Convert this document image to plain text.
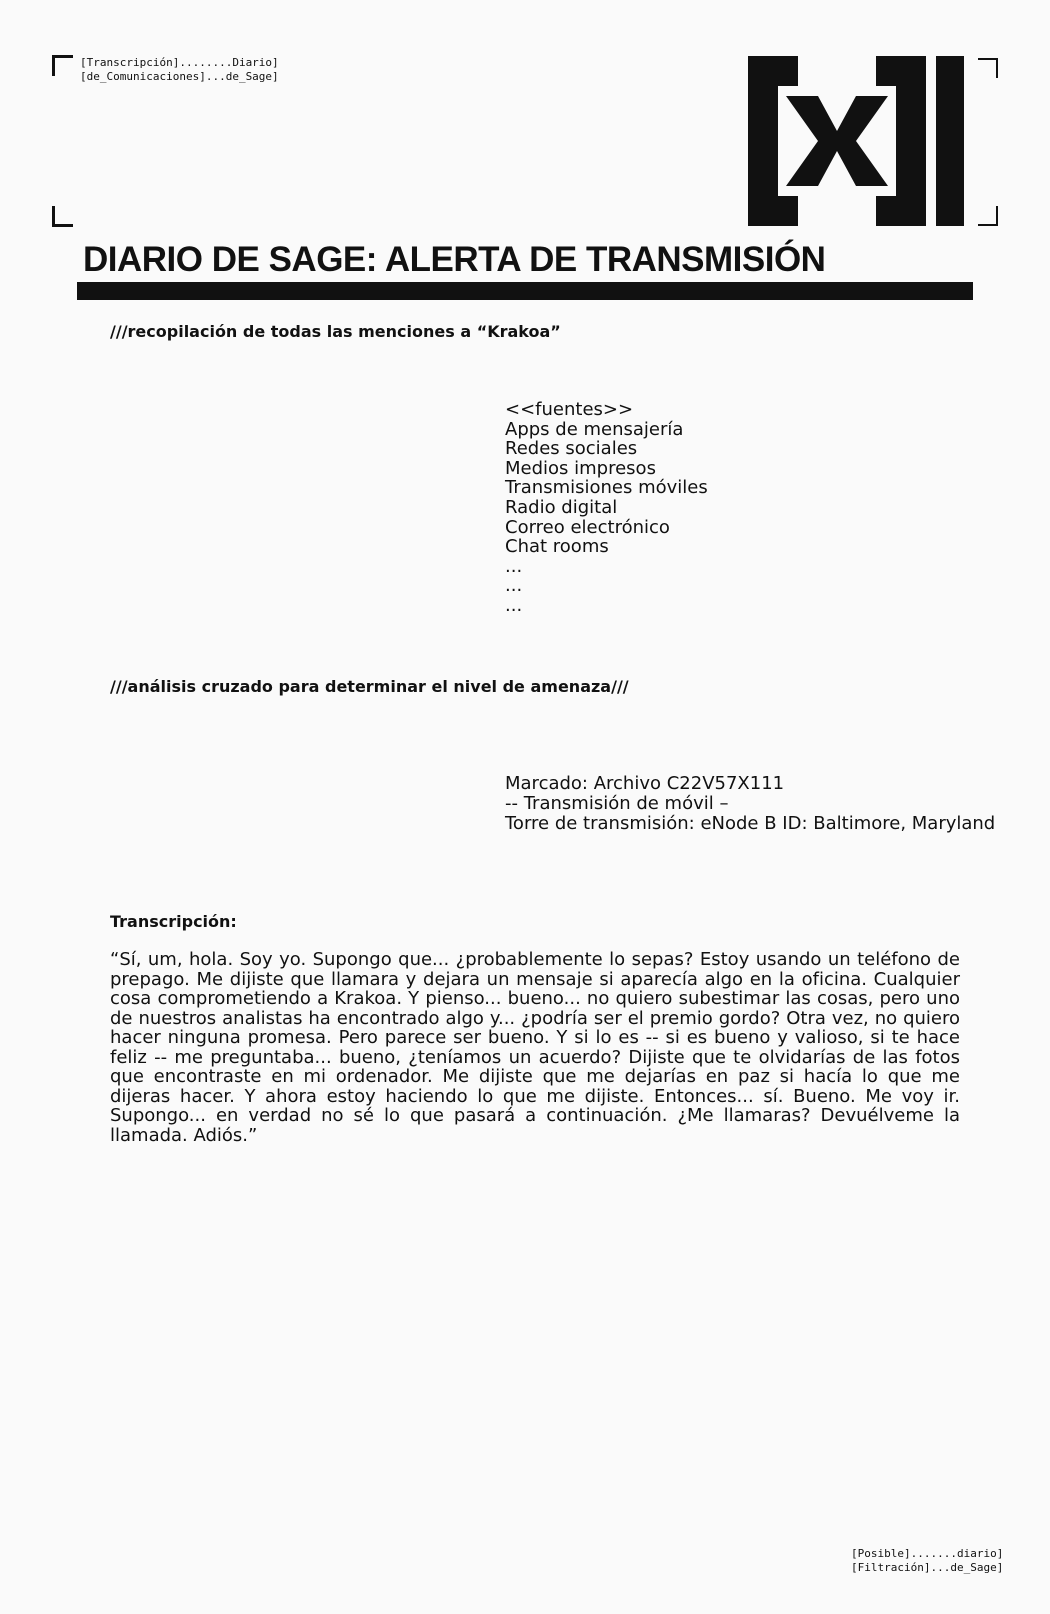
[Transcripción]........Diario]
[de_Comunicaciones]...de_Sage]
DIARIO DE SAGE: ALERTA DE TRANSMISIÓN
///recopilación de todas las menciones a “Krakoa”
<<fuentes>>
Apps de mensajería
Redes sociales
Medios impresos
Transmisiones móviles
Radio digital
Correo electrónico
Chat rooms
...
...
...
///análisis cruzado para determinar el nivel de amenaza///
Marcado: Archivo C22V57X111
-- Transmisión de móvil –
Torre de transmisión: eNode B ID: Baltimore, Maryland
Transcripción:
“Sí, um, hola. Soy yo. Supongo que... ¿probablemente lo sepas? Estoy usando un teléfono de prepago. Me dijiste que llamara y dejara un mensaje si aparecía algo en la oficina. Cualquier cosa comprometiendo a Krakoa. Y pienso... bueno... no quiero subestimar las cosas, pero uno de nuestros analistas ha encontrado algo y... ¿podría ser el premio gordo? Otra vez, no quiero hacer ninguna promesa. Pero parece ser bueno. Y si lo es -- si es bueno y valioso, si te hace feliz -- me preguntaba... bueno, ¿teníamos un acuerdo? Dijiste que te olvidarías de las fotos que encontraste en mi ordenador. Me dijiste que me dejarías en paz si hacía lo que me dijeras hacer. Y ahora estoy haciendo lo que me dijiste. Entonces... sí. Bueno. Me voy ir. Supongo... en verdad no sé lo que pasará a continuación. ¿Me llamaras? Devuélveme la llamada. Adiós.”
[Posible].......diario]
[Filtración]...de_Sage]
